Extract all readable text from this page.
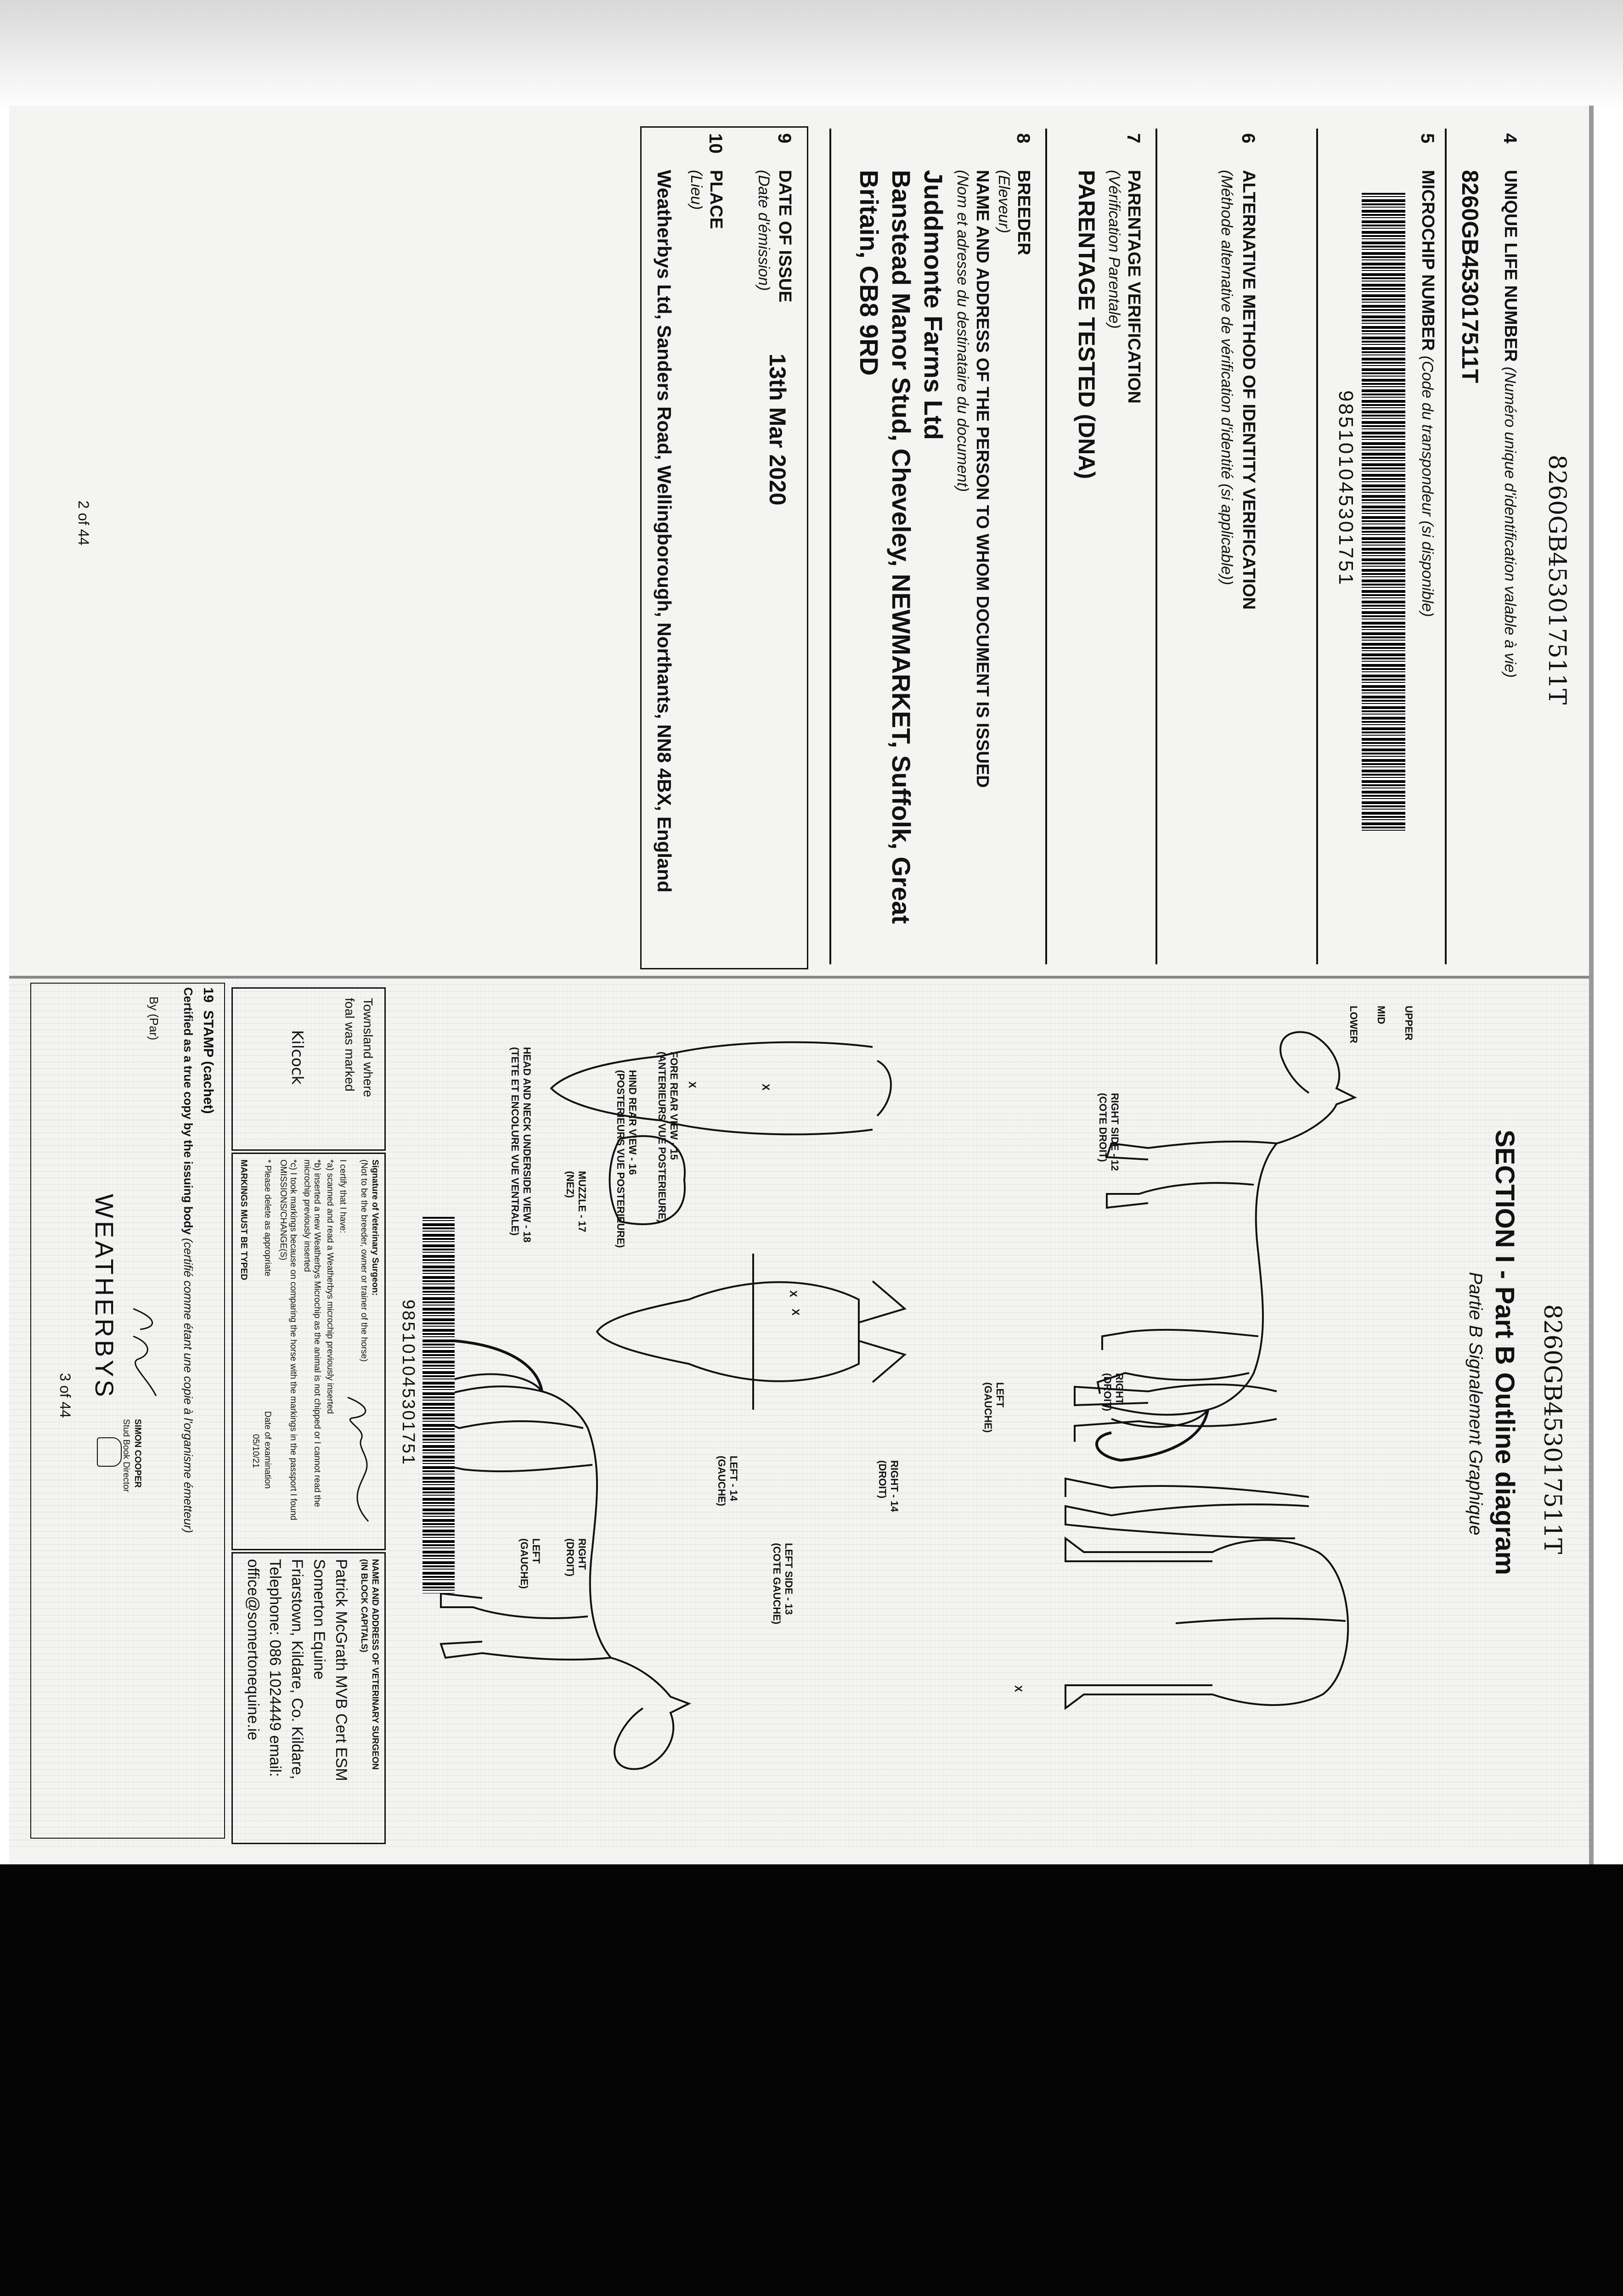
8260GB453017511T
4
UNIQUE LIFE NUMBER (Numéro unique d'identification valable à vie)
8260GB453017511T
5
MICROCHIP NUMBER (Code du transpondeur (si disponible)
985101045301751
6
ALTERNATIVE METHOD OF IDENTITY VERIFICATION
(Méthode alternative de vérification d'identité (si applicable))
7
PARENTAGE VERIFICATION
(Vérification Parentale)
PARENTAGE TESTED (DNA)
8
BREEDER
(Eleveur)
NAME AND ADDRESS OF THE PERSON TO WHOM DOCUMENT IS ISSUED
(Nom et adresse du destinataire du document)
Juddmonte Farms Ltd
Banstead Manor Stud, Cheveley, NEWMARKET, Suffolk, Great
Britain, CB8 9RD
9
DATE OF ISSUE
(Date d'émission)
13th Mar 2020
10
PLACE
(Lieu)
Weatherbys Ltd, Sanders Road, Wellingborough, Northants, NN8 4BX, England
2 of 44
8260GB453017511T
SECTION I - Part B Outline diagram
Partie B Signalement Graphique
X
X
X
X
X
RIGHT SIDE - 12
(COTE DROIT)
LEFT SIDE - 13
(COTE GAUCHE)
LEFT - 14
(GAUCHE)	RIGHT - 14
(DROIT)
LEFT
(GAUCHE)	RIGHT
(DROIT)
RIGHT
(DROIT)
LEFT
(GAUCHE)
FORE REAR VIEW - 15
(ANTERIEURS VUE POSTERIEURE)
HIND REAR VIEW - 16
(POSTERIEURS VUE POSTERIEURE)
MUZZLE - 17
(NEZ)
HEAD AND NECK UNDERSIDE VIEW - 18
(TETE ET ENCOLURE VUE VENTRALE)
UPPER
MID
LOWER
985101045301751
Townsland where
foal was marked
Kilcock
Signature of Veterinary Surgeon:
(Not to be the breeder, owner or trainer of the horse)
I certify that I have:
*a) scanned and read a Weatherbys microchip previously inserted
*b) inserted a new Weatherbys Microchip as the animal is not chipped or I cannot read the microchip previously inserted
*c) I took markings because on comparing the horse with the markings in the passport I found OMISSIONS/CHANGE(S)
* Please delete as appropriate
Date of examination
05/10/21
MARKINGS MUST BE TYPED
NAME AND ADDRESS OF VETERINARY SURGEON
(IN BLOCK CAPITALS)
Patrick McGrath MVB Cert ESM
Somerton Equine
Friarstown, Kildare, Co. Kildare,
Telephone: 086 1024449 email:
office@somertonequine.ie
19  STAMP (cachet)
Certified as a true copy by the issuing body (certifié comme étant une copie à l'organisme émetteur)
By (Par)
WEATHERBYS
SIMON COOPER
Stud Book Director
3 of 44
